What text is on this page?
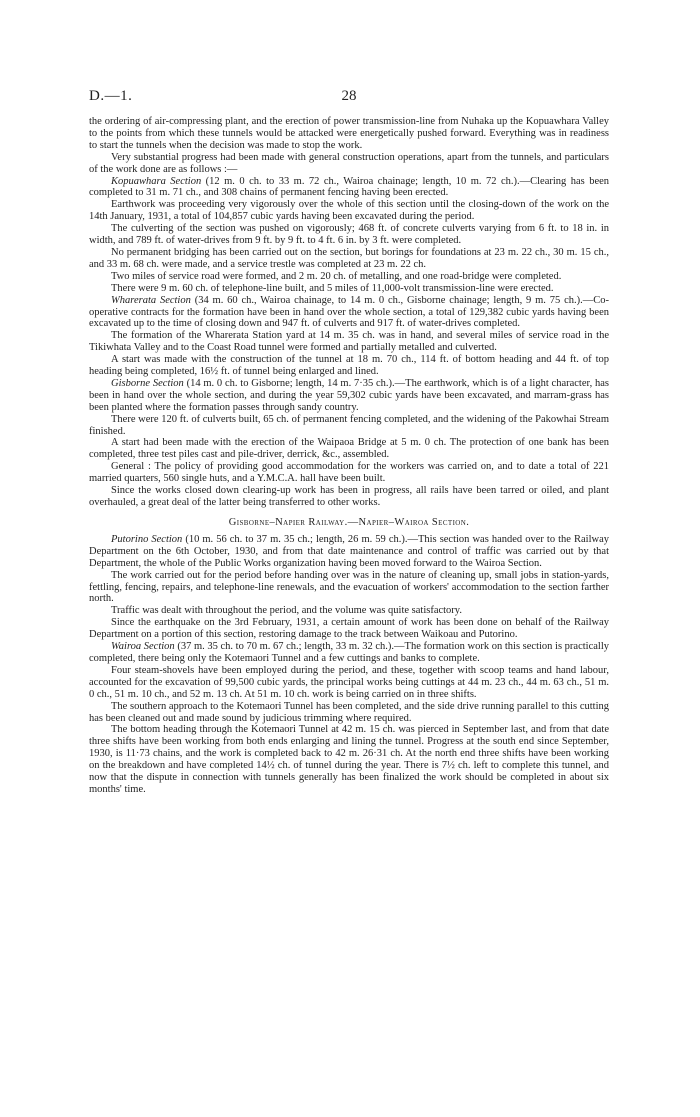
D.—1.	28

the ordering of air-compressing plant, and the erection of power transmission-line from Nuhaka up the Kopuawhara Valley to the points from which these tunnels would be attacked were energetically pushed forward. Everything was in readiness to start the tunnels when the decision was made to stop the work.

Very substantial progress had been made with general construction operations, apart from the tunnels, and particulars of the work done are as follows :—

Kopuawhara Section (12 m. 0 ch. to 33 m. 72 ch., Wairoa chainage; length, 10 m. 72 ch.).—Clearing has been completed to 31 m. 71 ch., and 308 chains of permanent fencing having been erected.

Earthwork was proceeding very vigorously over the whole of this section until the closing-down of the work on the 14th January, 1931, a total of 104,857 cubic yards having been excavated during the period.

The culverting of the section was pushed on vigorously; 468 ft. of concrete culverts varying from 6 ft. to 18 in. in width, and 789 ft. of water-drives from 9 ft. by 9 ft. to 4 ft. 6 in. by 3 ft. were completed.

No permanent bridging has been carried out on the section, but borings for foundations at 23 m. 22 ch., 30 m. 15 ch., and 33 m. 68 ch. were made, and a service trestle was completed at 23 m. 22 ch.

Two miles of service road were formed, and 2 m. 20 ch. of metalling, and one road-bridge were completed.

There were 9 m. 60 ch. of telephone-line built, and 5 miles of 11,000-volt transmission-line were erected.

Wharerata Section (34 m. 60 ch., Wairoa chainage, to 14 m. 0 ch., Gisborne chainage; length, 9 m. 75 ch.).—Co-operative contracts for the formation have been in hand over the whole section, a total of 129,382 cubic yards having been excavated up to the time of closing down and 947 ft. of culverts and 917 ft. of water-drives completed.

The formation of the Wharerata Station yard at 14 m. 35 ch. was in hand, and several miles of service road in the Tikiwhata Valley and to the Coast Road tunnel were formed and partially metalled and culverted.

A start was made with the construction of the tunnel at 18 m. 70 ch., 114 ft. of bottom heading and 44 ft. of top heading being completed, 16½ ft. of tunnel being enlarged and lined.

Gisborne Section (14 m. 0 ch. to Gisborne; length, 14 m. 7·35 ch.).—The earthwork, which is of a light character, has been in hand over the whole section, and during the year 59,302 cubic yards have been excavated, and marram-grass has been planted where the formation passes through sandy country.

There were 120 ft. of culverts built, 65 ch. of permanent fencing completed, and the widening of the Pakowhai Stream finished.

A start had been made with the erection of the Waipaoa Bridge at 5 m. 0 ch. The protection of one bank has been completed, three test piles cast and pile-driver, derrick, &c., assembled.

General : The policy of providing good accommodation for the workers was carried on, and to date a total of 221 married quarters, 560 single huts, and a Y.M.C.A. hall have been built.

Since the works closed down clearing-up work has been in progress, all rails have been tarred or oiled, and plant overhauled, a great deal of the latter being transferred to other works.

Gisborne–Napier Railway.—Napier–Wairoa Section.

Putorino Section (10 m. 56 ch. to 37 m. 35 ch.; length, 26 m. 59 ch.).—This section was handed over to the Railway Department on the 6th October, 1930, and from that date maintenance and control of traffic was carried out by that Department, the whole of the Public Works organization having been moved forward to the Wairoa Section.

The work carried out for the period before handing over was in the nature of cleaning up, small jobs in station-yards, fettling, fencing, repairs, and telephone-line renewals, and the evacuation of workers' accommodation to the section farther north.

Traffic was dealt with throughout the period, and the volume was quite satisfactory.

Since the earthquake on the 3rd February, 1931, a certain amount of work has been done on behalf of the Railway Department on a portion of this section, restoring damage to the track between Waikoau and Putorino.

Wairoa Section (37 m. 35 ch. to 70 m. 67 ch.; length, 33 m. 32 ch.).—The formation work on this section is practically completed, there being only the Kotemaori Tunnel and a few cuttings and banks to complete.

Four steam-shovels have been employed during the period, and these, together with scoop teams and hand labour, accounted for the excavation of 99,500 cubic yards, the principal works being cuttings at 44 m. 23 ch., 44 m. 63 ch., 51 m. 0 ch., 51 m. 10 ch., and 52 m. 13 ch. At 51 m. 10 ch. work is being carried on in three shifts.

The southern approach to the Kotemaori Tunnel has been completed, and the side drive running parallel to this cutting has been cleaned out and made sound by judicious trimming where required.

The bottom heading through the Kotemaori Tunnel at 42 m. 15 ch. was pierced in September last, and from that date three shifts have been working from both ends enlarging and lining the tunnel. Progress at the south end since September, 1930, is 11·73 chains, and the work is completed back to 42 m. 26·31 ch. At the north end three shifts have been working on the breakdown and have completed 14½ ch. of tunnel during the year. There is 7½ ch. left to complete this tunnel, and now that the dispute in connection with tunnels generally has been finalized the work should be completed in about six months' time.
